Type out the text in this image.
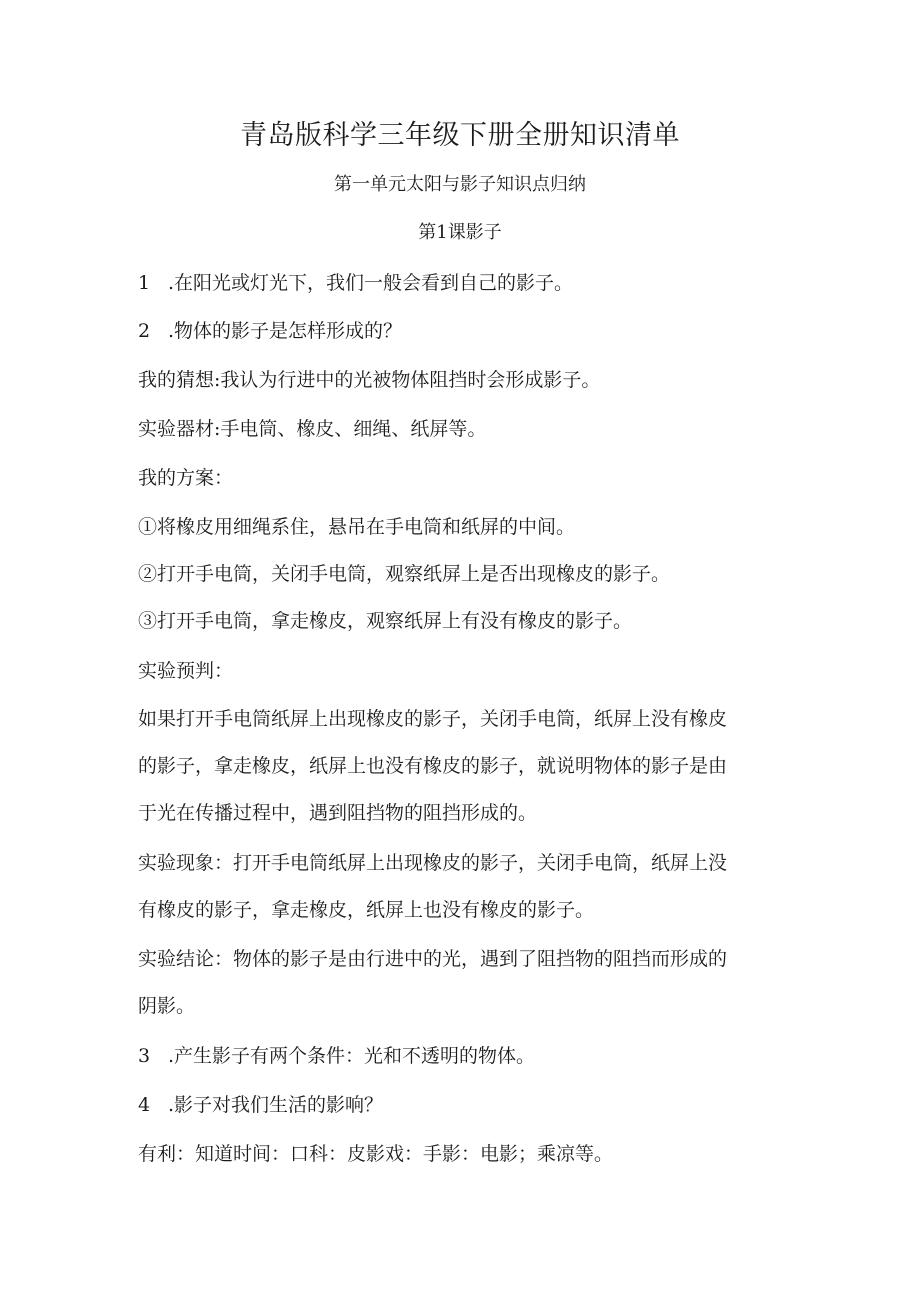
青岛版科学三年级下册全册知识清单
第一单元太阳与影子知识点归纳
第1课影子
1 .在阳光或灯光下，我们一般会看到自己的影子。
2 .物体的影子是怎样形成的？
我的猜想:我认为行进中的光被物体阻挡时会形成影子。
实验器材:手电筒、橡皮、细绳、纸屏等。
我的方案：
①将橡皮用细绳系住，悬吊在手电筒和纸屏的中间。
②打开手电筒，关闭手电筒，观察纸屏上是否出现橡皮的影子。
③打开手电筒，拿走橡皮，观察纸屏上有没有橡皮的影子。
实验预判：
如果打开手电筒纸屏上出现橡皮的影子，关闭手电筒，纸屏上没有橡皮
的影子，拿走橡皮，纸屏上也没有橡皮的影子，就说明物体的影子是由
于光在传播过程中，遇到阻挡物的阻挡形成的。
实验现象：打开手电筒纸屏上出现橡皮的影子，关闭手电筒，纸屏上没
有橡皮的影子，拿走橡皮，纸屏上也没有橡皮的影子。
实验结论：物体的影子是由行进中的光，遇到了阻挡物的阻挡而形成的
阴影。
3 .产生影子有两个条件：光和不透明的物体。
4 .影子对我们生活的影响？
有利：知道时间：口科：皮影戏：手影：电影；乘凉等。
